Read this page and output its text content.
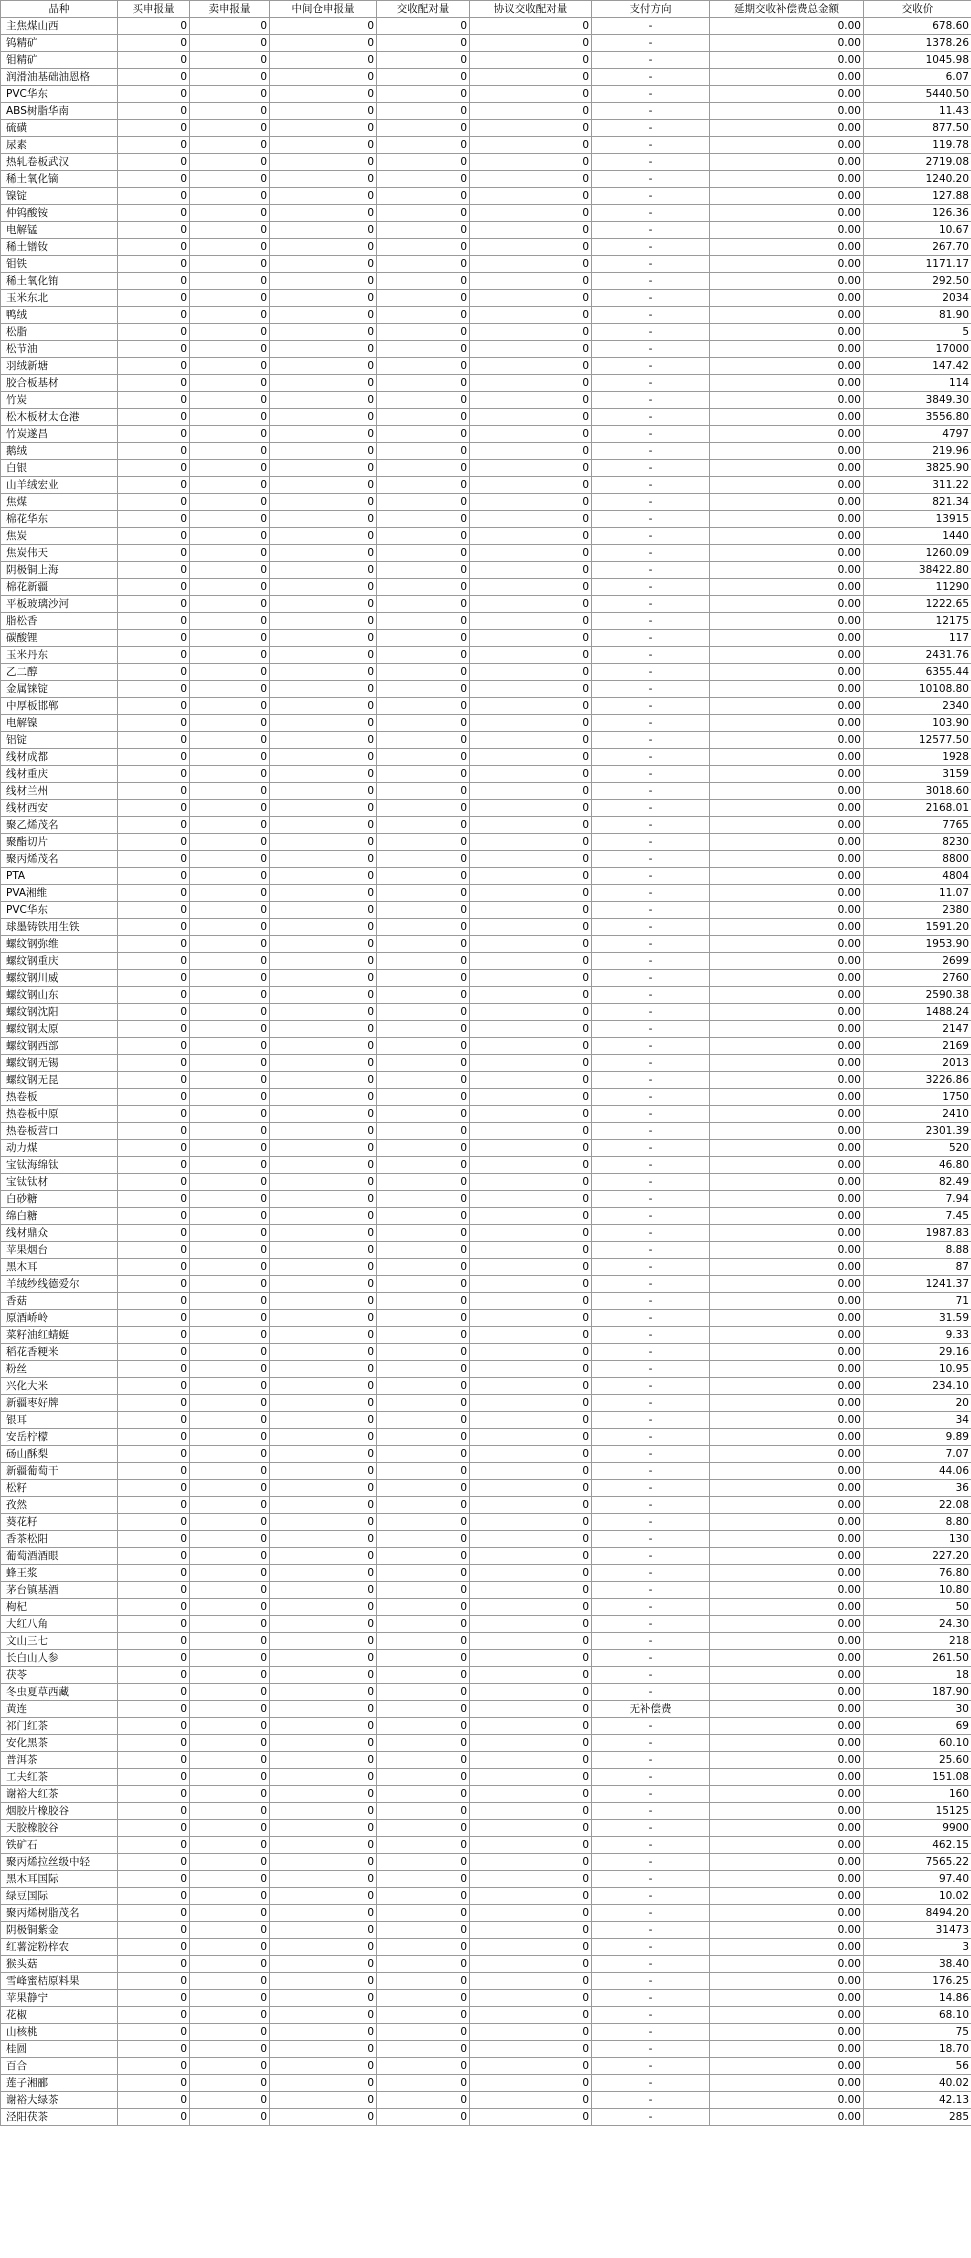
品种	买申报量	卖申报量	中间仓申报量	交收配对量	协议交收配对量	支付方向	延期交收补偿费总金额	交收价
主焦煤山西	0	0	0	0	0	-	0.00	678.60
钨精矿	0	0	0	0	0	-	0.00	1378.26
钼精矿	0	0	0	0	0	-	0.00	1045.98
润滑油基础油恩格	0	0	0	0	0	-	0.00	6.07
PVC华东	0	0	0	0	0	-	0.00	5440.50
ABS树脂华南	0	0	0	0	0	-	0.00	11.43
硫磺	0	0	0	0	0	-	0.00	877.50
尿素	0	0	0	0	0	-	0.00	119.78
热轧卷板武汉	0	0	0	0	0	-	0.00	2719.08
稀土氧化镝	0	0	0	0	0	-	0.00	1240.20
镍锭	0	0	0	0	0	-	0.00	127.88
仲钨酸铵	0	0	0	0	0	-	0.00	126.36
电解锰	0	0	0	0	0	-	0.00	10.67
稀土镨钕	0	0	0	0	0	-	0.00	267.70
钼铁	0	0	0	0	0	-	0.00	1171.17
稀土氧化铕	0	0	0	0	0	-	0.00	292.50
玉米东北	0	0	0	0	0	-	0.00	2034
鸭绒	0	0	0	0	0	-	0.00	81.90
松脂	0	0	0	0	0	-	0.00	5
松节油	0	0	0	0	0	-	0.00	17000
羽绒新塘	0	0	0	0	0	-	0.00	147.42
胶合板基材	0	0	0	0	0	-	0.00	114
竹炭	0	0	0	0	0	-	0.00	3849.30
松木板材太仓港	0	0	0	0	0	-	0.00	3556.80
竹炭遂昌	0	0	0	0	0	-	0.00	4797
鹅绒	0	0	0	0	0	-	0.00	219.96
白银	0	0	0	0	0	-	0.00	3825.90
山羊绒宏业	0	0	0	0	0	-	0.00	311.22
焦煤	0	0	0	0	0	-	0.00	821.34
棉花华东	0	0	0	0	0	-	0.00	13915
焦炭	0	0	0	0	0	-	0.00	1440
焦炭伟天	0	0	0	0	0	-	0.00	1260.09
阴极铜上海	0	0	0	0	0	-	0.00	38422.80
棉花新疆	0	0	0	0	0	-	0.00	11290
平板玻璃沙河	0	0	0	0	0	-	0.00	1222.65
脂松香	0	0	0	0	0	-	0.00	12175
碳酸锂	0	0	0	0	0	-	0.00	117
玉米丹东	0	0	0	0	0	-	0.00	2431.76
乙二醇	0	0	0	0	0	-	0.00	6355.44
金属铼锭	0	0	0	0	0	-	0.00	10108.80
中厚板邯郸	0	0	0	0	0	-	0.00	2340
电解镍	0	0	0	0	0	-	0.00	103.90
铝锭	0	0	0	0	0	-	0.00	12577.50
线材成都	0	0	0	0	0	-	0.00	1928
线材重庆	0	0	0	0	0	-	0.00	3159
线材兰州	0	0	0	0	0	-	0.00	3018.60
线材西安	0	0	0	0	0	-	0.00	2168.01
聚乙烯茂名	0	0	0	0	0	-	0.00	7765
聚酯切片	0	0	0	0	0	-	0.00	8230
聚丙烯茂名	0	0	0	0	0	-	0.00	8800
PTA	0	0	0	0	0	-	0.00	4804
PVA湘维	0	0	0	0	0	-	0.00	11.07
PVC华东	0	0	0	0	0	-	0.00	2380
球墨铸铁用生铁	0	0	0	0	0	-	0.00	1591.20
螺纹钢弥维	0	0	0	0	0	-	0.00	1953.90
螺纹钢重庆	0	0	0	0	0	-	0.00	2699
螺纹钢川威	0	0	0	0	0	-	0.00	2760
螺纹钢山东	0	0	0	0	0	-	0.00	2590.38
螺纹钢沈阳	0	0	0	0	0	-	0.00	1488.24
螺纹钢太原	0	0	0	0	0	-	0.00	2147
螺纹钢西部	0	0	0	0	0	-	0.00	2169
螺纹钢无锡	0	0	0	0	0	-	0.00	2013
螺纹钢无昆	0	0	0	0	0	-	0.00	3226.86
热卷板	0	0	0	0	0	-	0.00	1750
热卷板中原	0	0	0	0	0	-	0.00	2410
热卷板营口	0	0	0	0	0	-	0.00	2301.39
动力煤	0	0	0	0	0	-	0.00	520
宝钛海绵钛	0	0	0	0	0	-	0.00	46.80
宝钛钛材	0	0	0	0	0	-	0.00	82.49
白砂糖	0	0	0	0	0	-	0.00	7.94
绵白糖	0	0	0	0	0	-	0.00	7.45
线材鼎众	0	0	0	0	0	-	0.00	1987.83
苹果烟台	0	0	0	0	0	-	0.00	8.88
黑木耳	0	0	0	0	0	-	0.00	87
羊绒纱线德爱尔	0	0	0	0	0	-	0.00	1241.37
香菇	0	0	0	0	0	-	0.00	71
原酒峤岭	0	0	0	0	0	-	0.00	31.59
菜籽油红蜻蜓	0	0	0	0	0	-	0.00	9.33
稻花香粳米	0	0	0	0	0	-	0.00	29.16
粉丝	0	0	0	0	0	-	0.00	10.95
兴化大米	0	0	0	0	0	-	0.00	234.10
新疆枣好牌	0	0	0	0	0	-	0.00	20
银耳	0	0	0	0	0	-	0.00	34
安岳柠檬	0	0	0	0	0	-	0.00	9.89
砀山酥梨	0	0	0	0	0	-	0.00	7.07
新疆葡萄干	0	0	0	0	0	-	0.00	44.06
松籽	0	0	0	0	0	-	0.00	36
孜然	0	0	0	0	0	-	0.00	22.08
葵花籽	0	0	0	0	0	-	0.00	8.80
香茶松阳	0	0	0	0	0	-	0.00	130
葡萄酒酒眼	0	0	0	0	0	-	0.00	227.20
蜂王浆	0	0	0	0	0	-	0.00	76.80
茅台镇基酒	0	0	0	0	0	-	0.00	10.80
枸杞	0	0	0	0	0	-	0.00	50
大红八角	0	0	0	0	0	-	0.00	24.30
文山三七	0	0	0	0	0	-	0.00	218
长白山人参	0	0	0	0	0	-	0.00	261.50
茯苓	0	0	0	0	0	-	0.00	18
冬虫夏草西藏	0	0	0	0	0	-	0.00	187.90
黄连	0	0	0	0	0	无补偿费	0.00	30
祁门红茶	0	0	0	0	0	-	0.00	69
安化黑茶	0	0	0	0	0	-	0.00	60.10
普洱茶	0	0	0	0	0	-	0.00	25.60
工夫红茶	0	0	0	0	0	-	0.00	151.08
谢裕大红茶	0	0	0	0	0	-	0.00	160
烟胶片橡胶谷	0	0	0	0	0	-	0.00	15125
天胶橡胶谷	0	0	0	0	0	-	0.00	9900
铁矿石	0	0	0	0	0	-	0.00	462.15
聚丙烯拉丝级中轻	0	0	0	0	0	-	0.00	7565.22
黑木耳国际	0	0	0	0	0	-	0.00	97.40
绿豆国际	0	0	0	0	0	-	0.00	10.02
聚丙烯树脂茂名	0	0	0	0	0	-	0.00	8494.20
阴极铜紫金	0	0	0	0	0	-	0.00	31473
红薯淀粉梓农	0	0	0	0	0	-	0.00	3
猴头菇	0	0	0	0	0	-	0.00	38.40
雪峰蜜桔原料果	0	0	0	0	0	-	0.00	176.25
苹果静宁	0	0	0	0	0	-	0.00	14.86
花椒	0	0	0	0	0	-	0.00	68.10
山核桃	0	0	0	0	0	-	0.00	75
桂圆	0	0	0	0	0	-	0.00	18.70
百合	0	0	0	0	0	-	0.00	56
莲子湘郦	0	0	0	0	0	-	0.00	40.02
谢裕大绿茶	0	0	0	0	0	-	0.00	42.13
泾阳茯茶	0	0	0	0	0	-	0.00	285
